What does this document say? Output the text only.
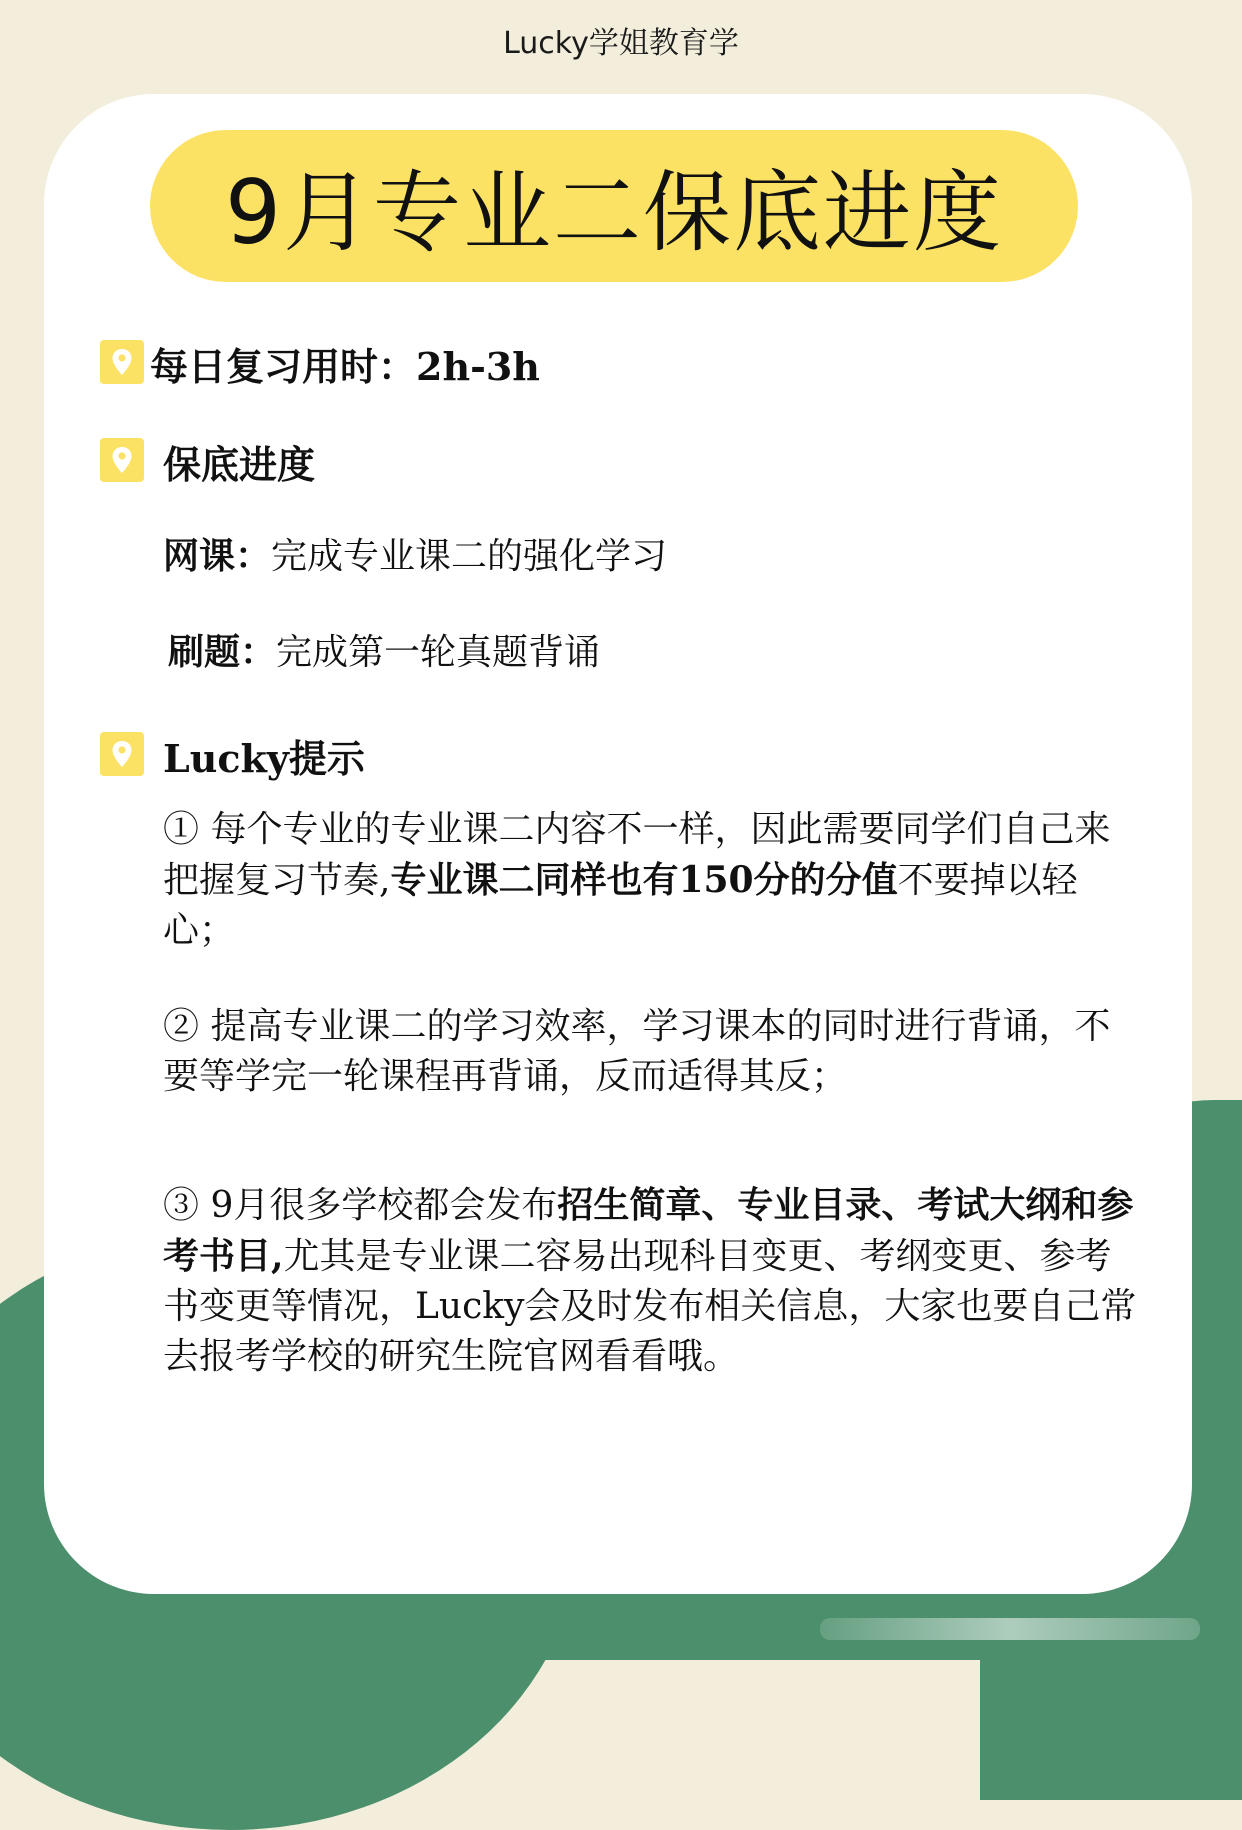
Lucky学姐教育学
9月专业二保底进度
每日复习用时：2h-3h
保底进度
网课：完成专业课二的强化学习
刷题：完成第一轮真题背诵
Lucky提示
① 每个专业的专业课二内容不一样，因此需要同学们自己来把握复习节奏,专业课二同样也有150分的分值不要掉以轻心；
② 提高专业课二的学习效率，学习课本的同时进行背诵，不要等学完一轮课程再背诵，反而适得其反；
③ 9月很多学校都会发布招生简章、专业目录、考试大纲和参考书目,尤其是专业课二容易出现科目变更、考纲变更、参考书变更等情况，Lucky会及时发布相关信息，大家也要自己常去报考学校的研究生院官网看看哦。
